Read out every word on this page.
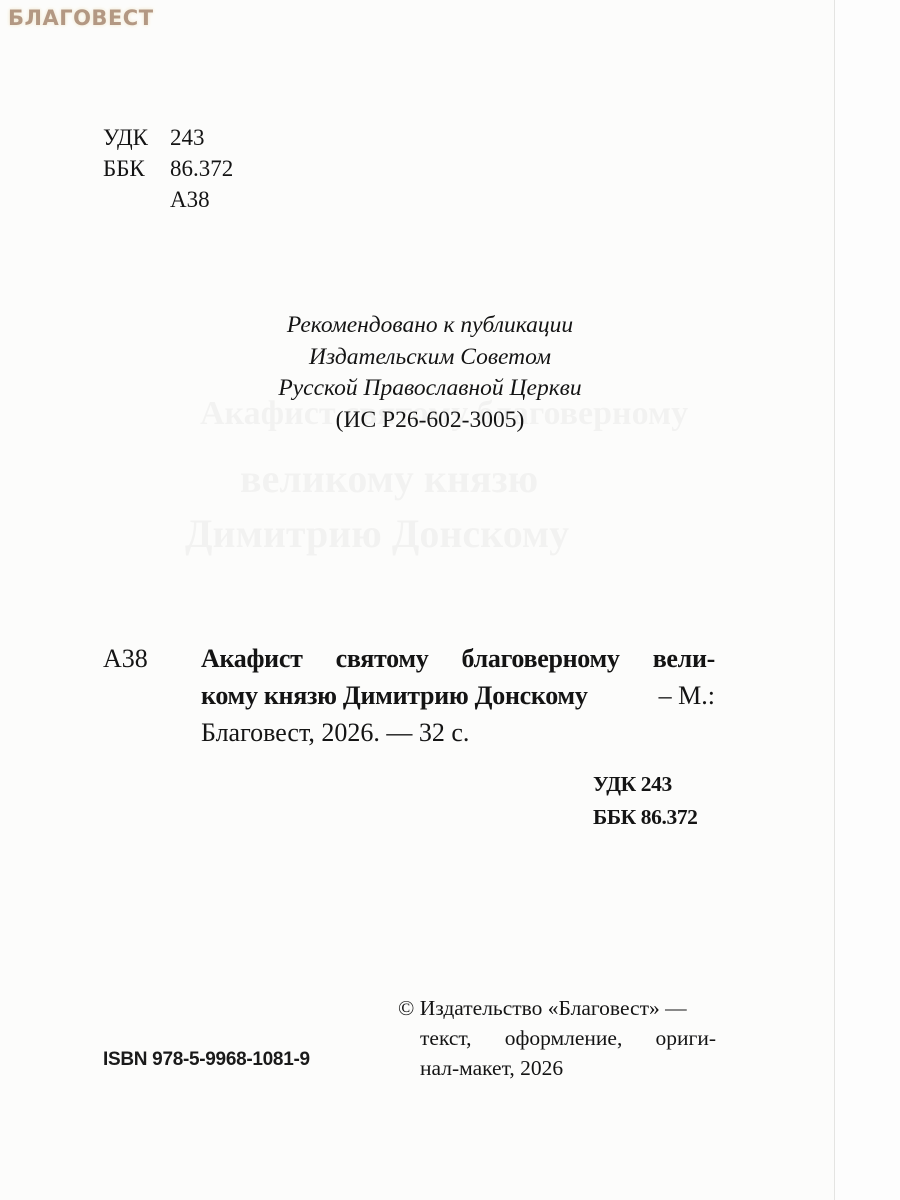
БЛАГОВЕСТ
УДК 243
ББК	86.372
А38
Рекомендовано к публикации
Издательским Советом
Русской Православной Церкви
(ИС Р26-602-3005)
А38 Акафист святому благоверному вели-
кому князю Димитрию Донскому	– М.:
Благовест, 2026. — 32 с.
УДК 243
ББК 86.372
© Издательство «Благовест» —
текст, оформление, ориги-
нал-макет, 2026
ISBN 978-5-9968-1081-9
